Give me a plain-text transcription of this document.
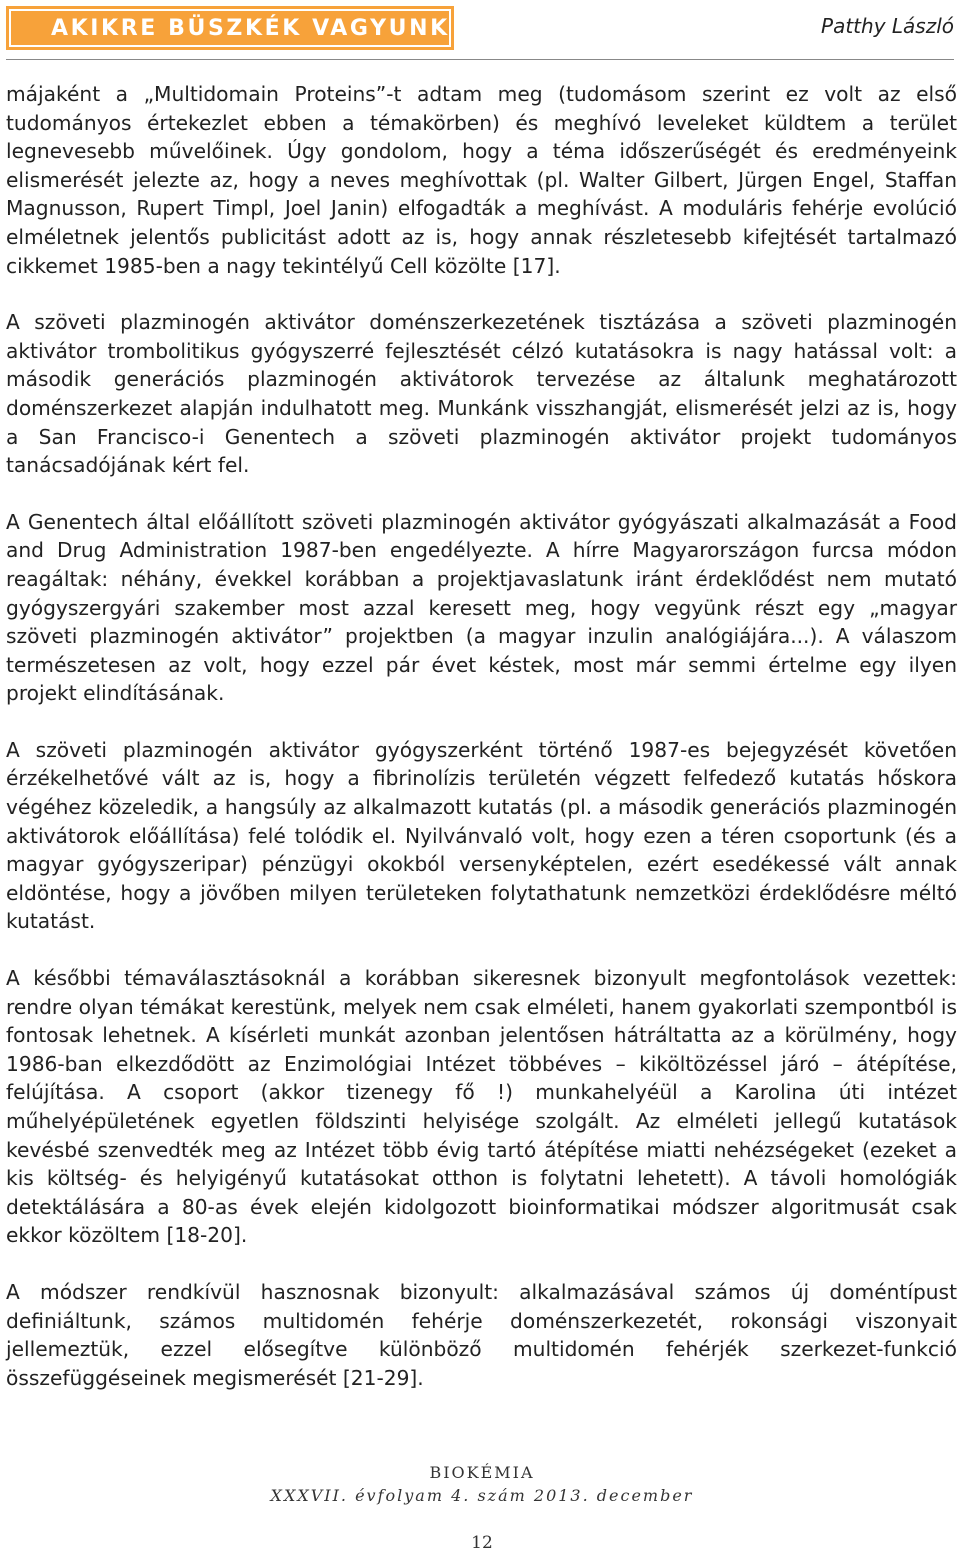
AKIKRE BÜSZKÉK VAGYUNK	Patthy László

májaként a „Multidomain Proteins”-t adtam meg (tudomásom szerint ez volt az első tudományos értekezlet ebben a témakörben) és meghívó leveleket küldtem a terület legnevesebb művelőinek. Úgy gondolom, hogy a téma időszerűségét és eredményeink elismerését jelezte az, hogy a neves meghívottak (pl. Walter Gilbert, Jürgen Engel, Staffan Magnusson, Rupert Timpl, Joel Janin) elfogadták a meghívást. A moduláris fehérje evolúció elméletnek jelentős publicitást adott az is, hogy annak részletesebb kifejtését tartalmazó cikkemet 1985-ben a nagy tekintélyű Cell közölte [17].

A szöveti plazminogén aktivátor doménszerkezetének tisztázása a szöveti plazminogén aktivátor trombolitikus gyógyszerré fejlesztését célzó kutatásokra is nagy hatással volt: a második generációs plazminogén aktivátorok tervezése az általunk meghatározott doménszerkezet alapján indulhatott meg. Munkánk visszhangját, elismerését jelzi az is, hogy a San Francisco-i Genentech a szöveti plazminogén aktivátor projekt tudományos tanácsadójának kért fel.

A Genentech által előállított szöveti plazminogén aktivátor gyógyászati alkalmazását a Food and Drug Administration 1987-ben engedélyezte. A hírre Magyarországon furcsa módon reagáltak: néhány, évekkel korábban a projektjavaslatunk iránt érdeklődést nem mutató gyógyszergyári szakember most azzal keresett meg, hogy vegyünk részt egy „magyar szöveti plazminogén aktivátor” projektben (a magyar inzulin analógiájára...). A válaszom természetesen az volt, hogy ezzel pár évet késtek, most már semmi értelme egy ilyen projekt elindításának.

A szöveti plazminogén aktivátor gyógyszerként történő 1987-es bejegyzését követően érzékelhetővé vált az is, hogy a fibrinolízis területén végzett felfedező kutatás hőskora végéhez közeledik, a hangsúly az alkalmazott kutatás (pl. a második generációs plazminogén aktivátorok előállítása) felé tolódik el. Nyilvánvaló volt, hogy ezen a téren csoportunk (és a magyar gyógyszeripar) pénzügyi okokból versenyképtelen, ezért esedékessé vált annak eldöntése, hogy a jövőben milyen területeken folytathatunk nemzetközi érdeklődésre méltó kutatást.

A későbbi témaválasztásoknál a korábban sikeresnek bizonyult megfontolások vezettek: rendre olyan témákat kerestünk, melyek nem csak elméleti, hanem gyakorlati szempontból is fontosak lehetnek. A kísérleti munkát azonban jelentősen hátráltatta az a körülmény, hogy 1986-ban elkezdődött az Enzimológiai Intézet többéves – kiköltözéssel járó – átépítése, felújítása. A csoport (akkor tizenegy fő !) munkahelyéül a Karolina úti intézet műhelyépületének egyetlen földszinti helyisége szolgált. Az elméleti jellegű kutatások kevésbé szenvedték meg az Intézet több évig tartó átépítése miatti nehézségeket (ezeket a kis költség- és helyigényű kutatásokat otthon is folytatni lehetett). A távoli homológiák detektálására a 80-as évek elején kidolgozott bioinformatikai módszer algoritmusát csak ekkor közöltem [18-20].

A módszer rendkívül hasznosnak bizonyult: alkalmazásával számos új doméntípust definiáltunk, számos multidomén fehérje doménszerkezetét, rokonsági viszonyait jellemeztük, ezzel elősegítve különböző multidomén fehérjék szerkezet-funkció összefüggéseinek megismerését [21-29].

BIOKÉMIA
XXXVII. évfolyam 4. szám 2013. december
12
